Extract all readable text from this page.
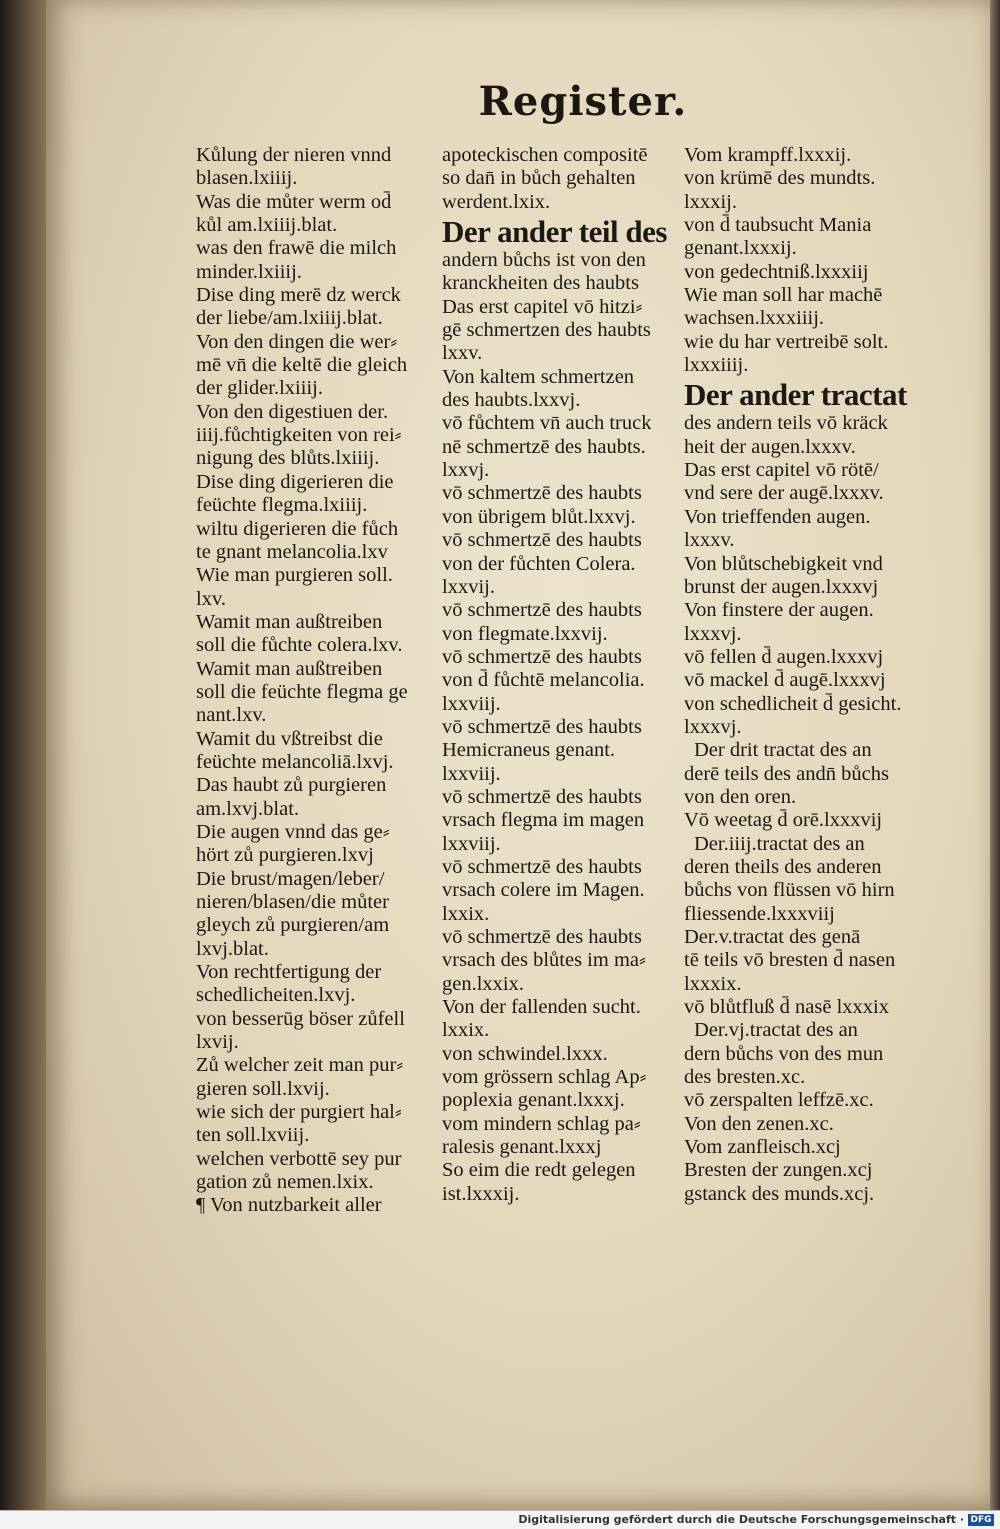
Register.
Kůlung der nieren vnnd
blasen.lxiiij.
Was die můter werm od̄
kůl am.lxiiij.blat.
was den frawē die milch
minder.lxiiij.
Dise ding merē dz werck
der liebe/am.lxiiij.blat.
Von den dingen die wer⸗
mē vn̄ die keltē die gleich
der glider.lxiiij.
Von den digestiuen der.
iiij.fůchtigkeiten von rei⸗
nigung des blůts.lxiiij.
Dise ding digerieren die
feüchte flegma.lxiiij.
wiltu digerieren die fůch
te gnant melancolia.lxv
Wie man purgieren soll.
lxv.
Wamit man außtreiben
soll die fůchte colera.lxv.
Wamit man außtreiben
soll die feüchte flegma ge
nant.lxv.
Wamit du vßtreibst die
feüchte melancoliā.lxvj.
Das haubt zů purgieren
am.lxvj.blat.
Die augen vnnd das ge⸗
hört zů purgieren.lxvj
Die brust/magen/leber/
nieren/blasen/die můter
gleych zů purgieren/am
lxvj.blat.
Von rechtfertigung der
schedlicheiten.lxvj.
von besserūg böser zůfell
lxvij.
Zů welcher zeit man pur⸗
gieren soll.lxvij.
wie sich der purgiert hal⸗
ten soll.lxviij.
welchen verbottē sey pur
gation zů nemen.lxix.
¶ Von nutzbarkeit aller
apoteckischen compositē
so dan̄ in bůch gehalten
werdent.lxix.
Der ander teil des
andern bůchs ist von den
kranckheiten des haubts
Das erst capitel vō hitzi⸗
gē schmertzen des haubts
lxxv.
Von kaltem schmertzen
des haubts.lxxvj.
vō fůchtem vn̄ auch truck
nē schmertzē des haubts.
lxxvj.
vō schmertzē des haubts
von übrigem blůt.lxxvj.
vō schmertzē des haubts
von der fůchten Colera.
lxxvij.
vō schmertzē des haubts
von flegmate.lxxvij.
vō schmertzē des haubts
von d̄ fůchtē melancolia.
lxxviij.
vō schmertzē des haubts
Hemicraneus genant.
lxxviij.
vō schmertzē des haubts
vrsach flegma im magen
lxxviij.
vō schmertzē des haubts
vrsach colere im Magen.
lxxix.
vō schmertzē des haubts
vrsach des blůtes im ma⸗
gen.lxxix.
Von der fallenden sucht.
lxxix.
von schwindel.lxxx.
vom grössern schlag Ap⸗
poplexia genant.lxxxj.
vom mindern schlag pa⸗
ralesis genant.lxxxj
So eim die redt gelegen
ist.lxxxij.
Vom krampff.lxxxij.
von krümē des mundts.
lxxxij.
von d̄ taubsucht Mania
genant.lxxxij.
von gedechtniß.lxxxiij
Wie man soll har machē
wachsen.lxxxiiij.
wie du har vertreibē solt.
lxxxiiij.
Der ander tractat
des andern teils vō kräck
heit der augen.lxxxv.
Das erst capitel vō rötē/
vnd sere der augē.lxxxv.
Von trieffenden augen.
lxxxv.
Von blůtschebigkeit vnd
brunst der augen.lxxxvj
Von finstere der augen.
lxxxvj.
vō fellen d̄ augen.lxxxvj
vō mackel d̄ augē.lxxxvj
von schedlicheit d̄ gesicht.
lxxxvj.
Der drit tractat des an
derē teils des andn̄ bůchs
von den oren.
Vō weetag d̄ orē.lxxxvij
Der.iiij.tractat des an
deren theils des anderen
bůchs von flüssen vō hirn
fliessende.lxxxviij
Der.v.tractat des genā
tē teils vō bresten d̄ nasen
lxxxix.
vō blůtfluß d̄ nasē lxxxix
Der.vj.tractat des an
dern bůchs von des mun
des bresten.xc.
vō zerspalten leffzē.xc.
Von den zenen.xc.
Vom zanfleisch.xcj
Bresten der zungen.xcj
gstanck des munds.xcj.
Digitalisierung gefördert durch die Deutsche Forschungsgemeinschaft · DFG
